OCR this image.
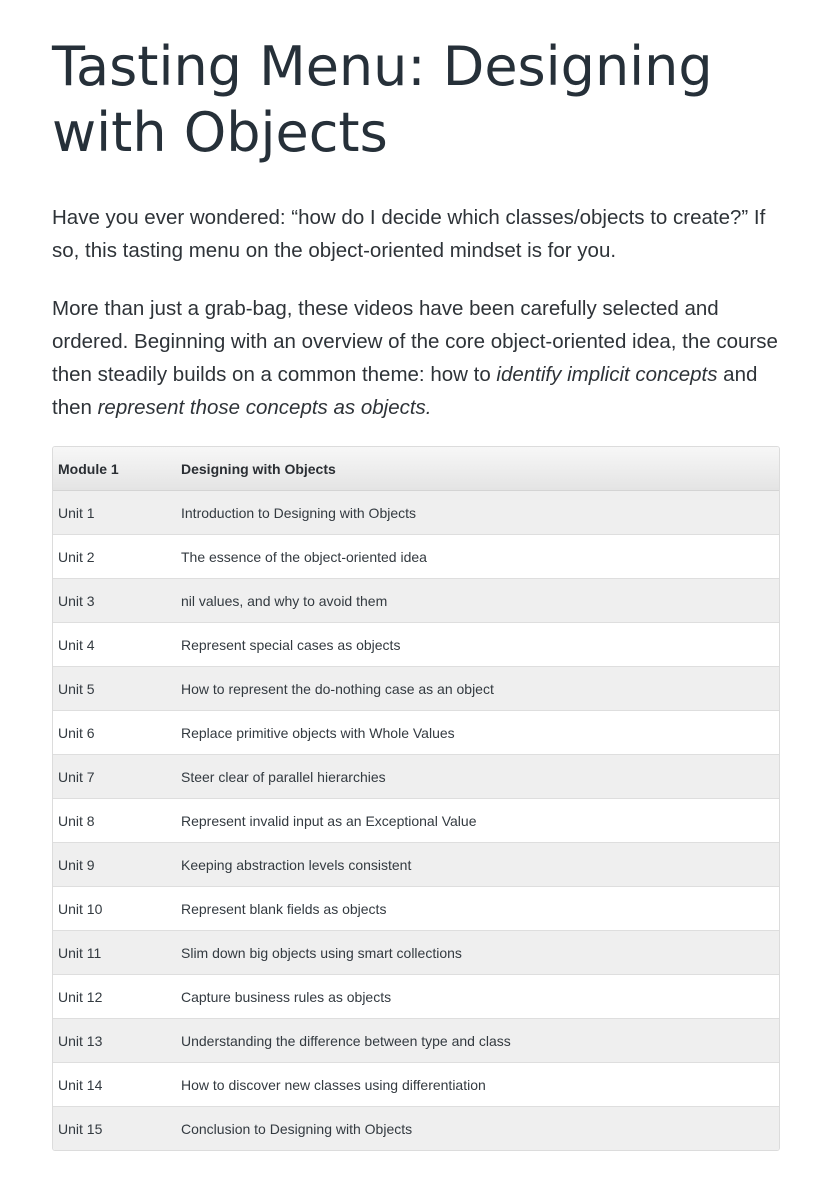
Tasting Menu: Designing with Objects

Have you ever wondered: “how do I decide which classes/objects to create?” If so, this tasting menu on the object-oriented mindset is for you.

More than just a grab-bag, these videos have been carefully selected and ordered. Beginning with an overview of the core object-oriented idea, the course then steadily builds on a common theme: how to identify implicit concepts and then represent those concepts as objects.

Module 1	Designing with Objects
Unit 1	Introduction to Designing with Objects
Unit 2	The essence of the object-oriented idea
Unit 3	nil values, and why to avoid them
Unit 4	Represent special cases as objects
Unit 5	How to represent the do-nothing case as an object
Unit 6	Replace primitive objects with Whole Values
Unit 7	Steer clear of parallel hierarchies
Unit 8	Represent invalid input as an Exceptional Value
Unit 9	Keeping abstraction levels consistent
Unit 10	Represent blank fields as objects
Unit 11	Slim down big objects using smart collections
Unit 12	Capture business rules as objects
Unit 13	Understanding the difference between type and class
Unit 14	How to discover new classes using differentiation
Unit 15	Conclusion to Designing with Objects
